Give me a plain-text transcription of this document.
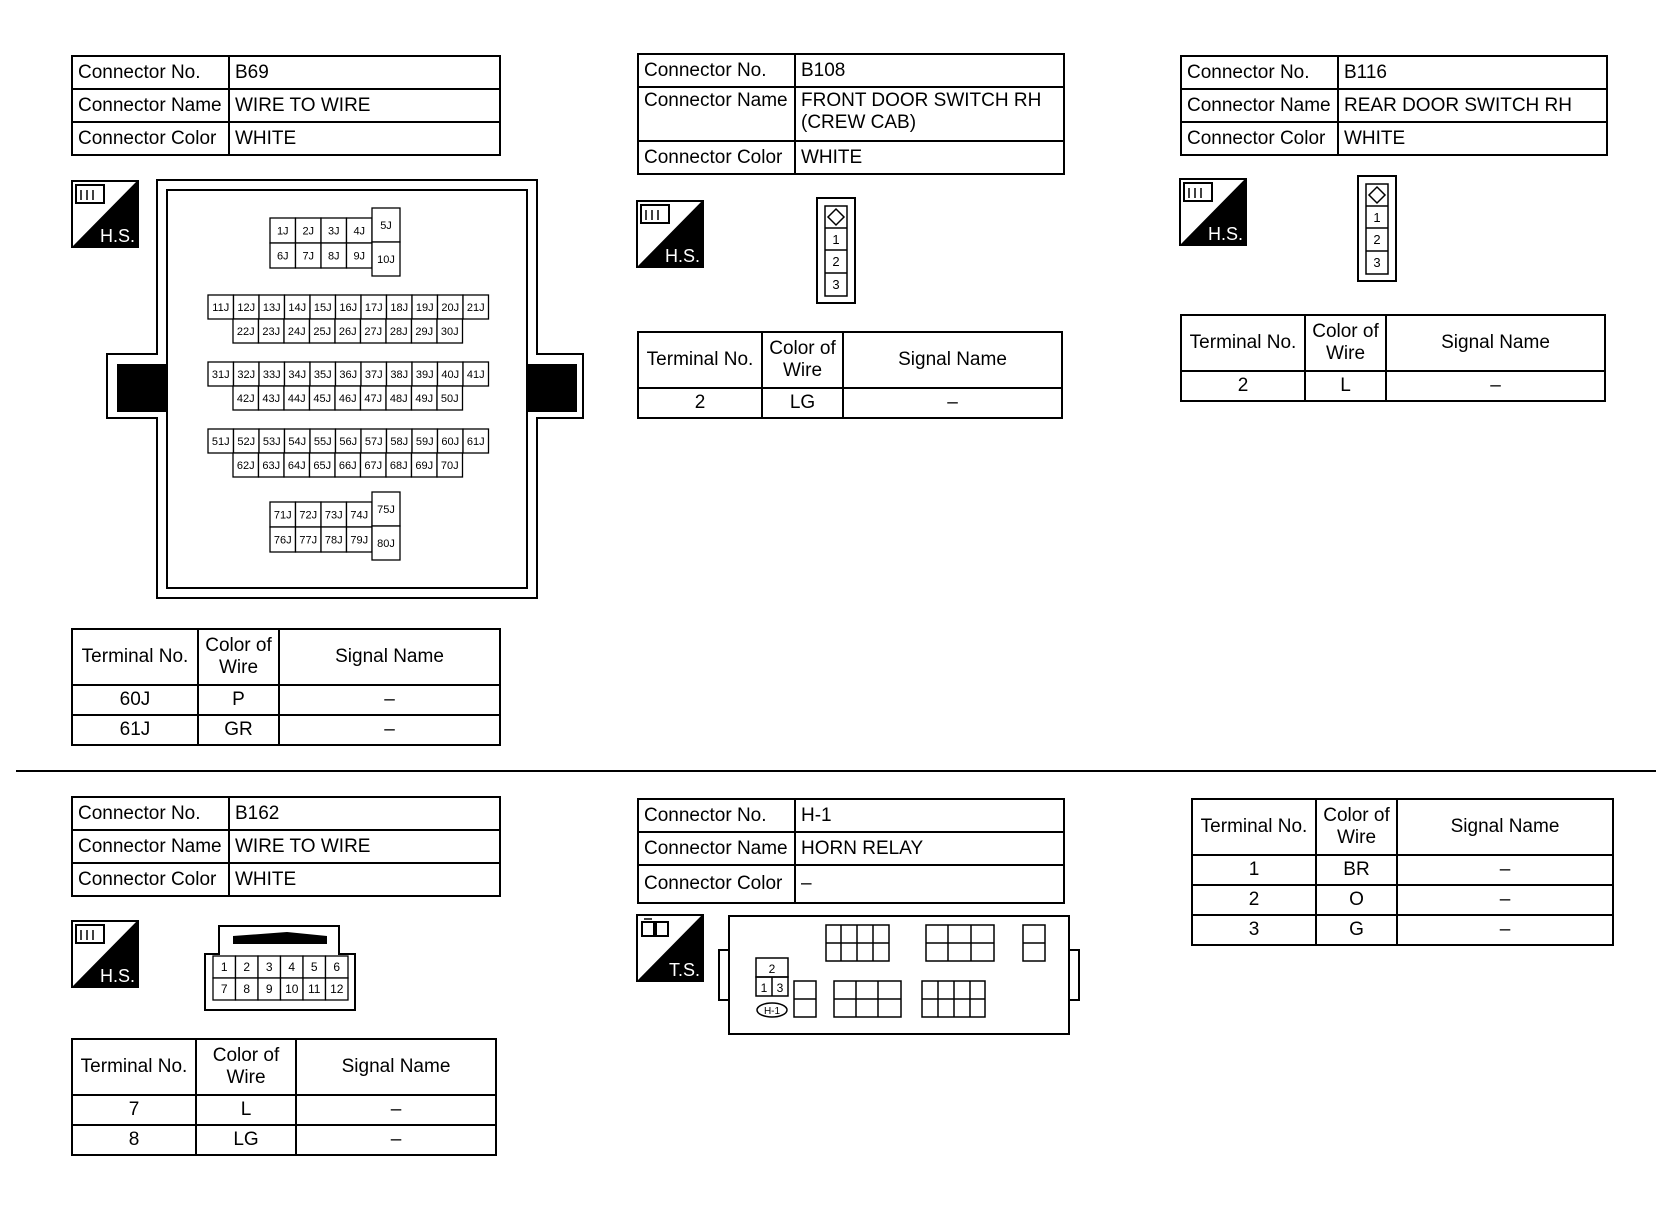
Connector No.	B69
Connector Name	WIRE TO WIRE
Connector Color	WHITE
H.S.	1J 2J 3J 4J
6J 7J 8J 9J
5J
10J
11J 12J 13J 14J 15J 16J 17J 18J 19J 20J 21J
22J 23J 24J 25J 26J 27J 28J 29J 30J
31J 32J 33J 34J 35J 36J 37J 38J 39J 40J 41J
42J 43J 44J 45J 46J 47J 48J 49J 50J
51J 52J 53J 54J 55J 56J 57J 58J 59J 60J 61J
62J 63J 64J 65J 66J 67J 68J 69J 70J
71J 72J 73J 74J
76J 77J 78J 79J
75J
80J
Terminal No.	Color of Wire	Signal Name
60J	P	–
61J	GR	–
Connector No.	B108
Connector Name	FRONT DOOR SWITCH RH (CREW CAB)
Connector Color	WHITE
H.S.
1
2
3
Terminal No.	Color of Wire	Signal Name
2	LG	–
Connector No.	B116
Connector Name	REAR DOOR SWITCH RH
Connector Color	WHITE
H.S.
1
2
3
Terminal No.	Color of Wire	Signal Name
2	L	–
Connector No.	B162
Connector Name	WIRE TO WIRE
Connector Color	WHITE
H.S.	1 2 3 4 5 6
7 8 9 10 11 12
Terminal No.	Color of Wire	Signal Name
7	L	–
8	LG	–
Connector No.	H-1
Connector Name	HORN RELAY
Connector Color	–
T.S.	2
1 3
H-1
Terminal No.	Color of Wire	Signal Name
1	BR	–
2	O	–
3	G	–
